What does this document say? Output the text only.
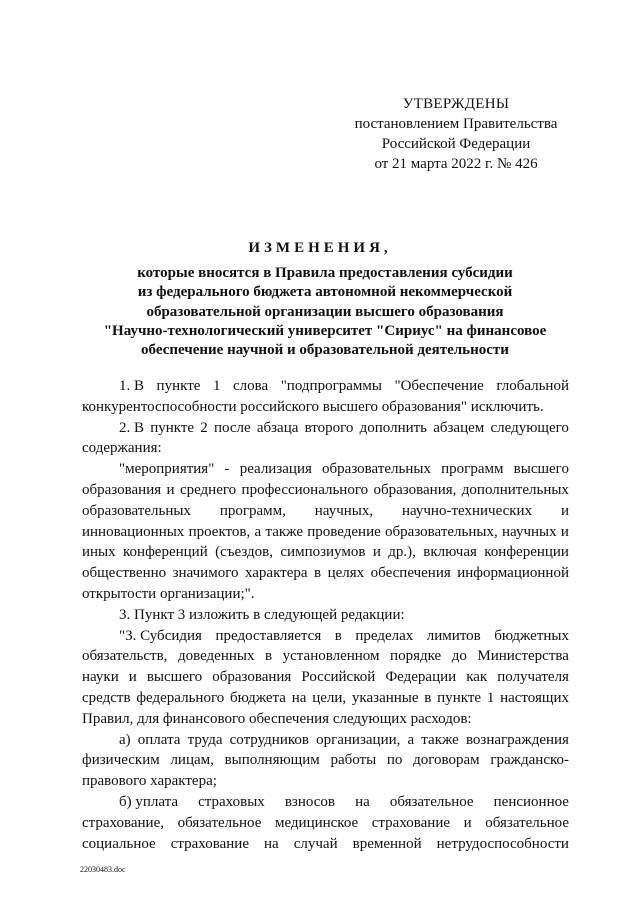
УТВЕРЖДЕНЫ
постановлением Правительства
Российской Федерации
от 21 марта 2022 г. № 426
ИЗМЕНЕНИЯ,
которые вносятся в Правила предоставления субсидии
из федерального бюджета автономной некоммерческой
образовательной организации высшего образования
"Научно-технологический университет "Сириус" на финансовое
обеспечение научной и образовательной деятельности
1. В пункте 1 слова "подпрограммы "Обеспечение глобальной
конкурентоспособности российского высшего образования" исключить.
2. В пункте 2 после абзаца второго дополнить абзацем следующего
содержания:
"мероприятия" - реализация образовательных программ высшего
образования и среднего профессионального образования, дополнительных
образовательных программ, научных, научно-технических и
инновационных проектов, а также проведение образовательных, научных и
иных конференций (съездов, симпозиумов и др.), включая конференции
общественно значимого характера в целях обеспечения информационной
открытости организации;".
3. Пункт 3 изложить в следующей редакции:
"3. Субсидия предоставляется в пределах лимитов бюджетных
обязательств, доведенных в установленном порядке до Министерства
науки и высшего образования Российской Федерации как получателя
средств федерального бюджета на цели, указанные в пункте 1 настоящих
Правил, для финансового обеспечения следующих расходов:
а) оплата труда сотрудников организации, а также вознаграждения
физическим лицам, выполняющим работы по договорам гражданско-
правового характера;
б) уплата страховых взносов на обязательное пенсионное
страхование, обязательное медицинское страхование и обязательное
социальное страхование на случай временной нетрудоспособности
22030483.doc
